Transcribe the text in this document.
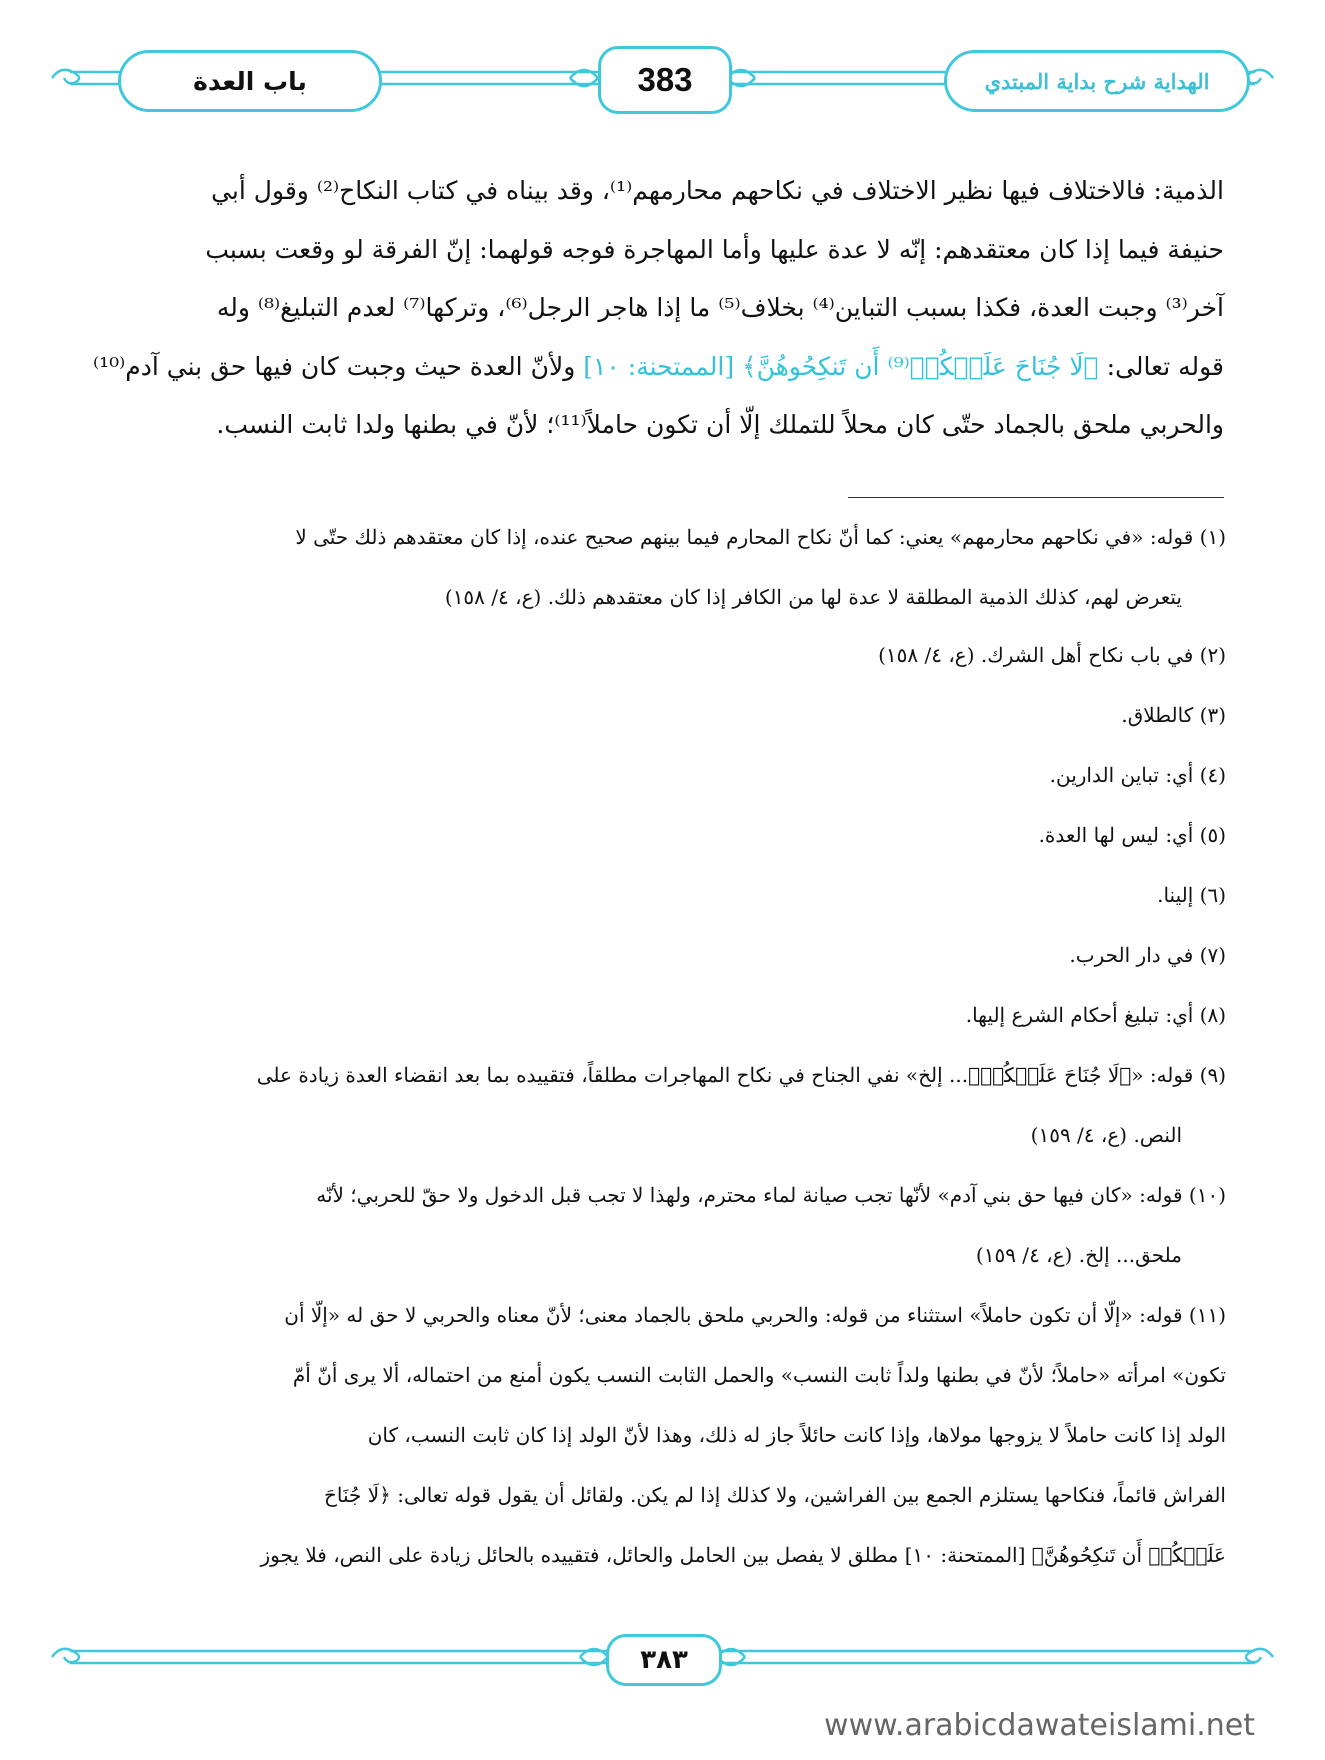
باب العدة	383	الهداية شرح بداية المبتدي

الذمية: فالاختلاف فيها نظير الاختلاف في نكاحهم محارمهم⁽¹⁾، وقد بيناه في كتاب النكاح⁽²⁾ وقول أبي

حنيفة فيما إذا كان معتقدهم: إنّه لا عدة عليها وأما المهاجرة فوجه قولهما: إنّ الفرقة لو وقعت بسبب

آخر⁽³⁾ وجبت العدة، فكذا بسبب التباين⁽⁴⁾ بخلاف⁽⁵⁾ ما إذا هاجر الرجل⁽⁶⁾، وتركها⁽⁷⁾ لعدم التبليغ⁽⁸⁾ وله

قوله تعالى: ﴿لَا جُنَاحَ عَلَيۡكُمۡ⁽⁹⁾ أَن تَنكِحُوهُنَّ﴾ [الممتحنة: ١٠] ولأنّ العدة حيث وجبت كان فيها حق بني آدم⁽¹⁰⁾

والحربي ملحق بالجماد حتّى كان محلاً للتملك إلّا أن تكون حاملاً⁽¹¹⁾؛ لأنّ في بطنها ولدا ثابت النسب.

(١) قوله: «في نكاحهم محارمهم» يعني: كما أنّ نكاح المحارم فيما بينهم صحيح عنده، إذا كان معتقدهم ذلك حتّى لا
يتعرض لهم، كذلك الذمية المطلقة لا عدة لها من الكافر إذا كان معتقدهم ذلك. (ع، ٤/ ١٥٨)
(٢) في باب نكاح أهل الشرك. (ع، ٤/ ١٥٨)
(٣) كالطلاق.
(٤) أي: تباين الدارين.
(٥) أي: ليس لها العدة.
(٦) إلينا.
(٧) في دار الحرب.
(٨) أي: تبليغ أحكام الشرع إليها.
(٩) قوله: «﴿لَا جُنَاحَ عَلَيۡكُمۡ﴾... إلخ» نفي الجناح في نكاح المهاجرات مطلقاً، فتقييده بما بعد انقضاء العدة زيادة على
النص. (ع، ٤/ ١٥٩)
(١٠) قوله: «كان فيها حق بني آدم» لأنّها تجب صيانة لماء محترم، ولهذا لا تجب قبل الدخول ولا حقّ للحربي؛ لأنّه
ملحق... إلخ. (ع، ٤/ ١٥٩)
(١١) قوله: «إلّا أن تكون حاملاً» استثناء من قوله: والحربي ملحق بالجماد معنى؛ لأنّ معناه والحربي لا حق له «إلّا أن
تكون» امرأته «حاملاً؛ لأنّ في بطنها ولداً ثابت النسب» والحمل الثابت النسب يكون أمنع من احتماله، ألا يرى أنّ أمّ
الولد إذا كانت حاملاً لا يزوجها مولاها، وإذا كانت حائلاً جاز له ذلك، وهذا لأنّ الولد إذا كان ثابت النسب، كان
الفراش قائماً، فنكاحها يستلزم الجمع بين الفراشين، ولا كذلك إذا لم يكن. ولقائل أن يقول قوله تعالى: ﴿لَا جُنَاحَ
عَلَيۡكُمۡ أَن تَنكِحُوهُنَّ﴾ [الممتحنة: ١٠] مطلق لا يفصل بين الحامل والحائل، فتقييده بالحائل زيادة على النص، فلا يجوز
٣٨٣
www.arabicdawateislami.net
